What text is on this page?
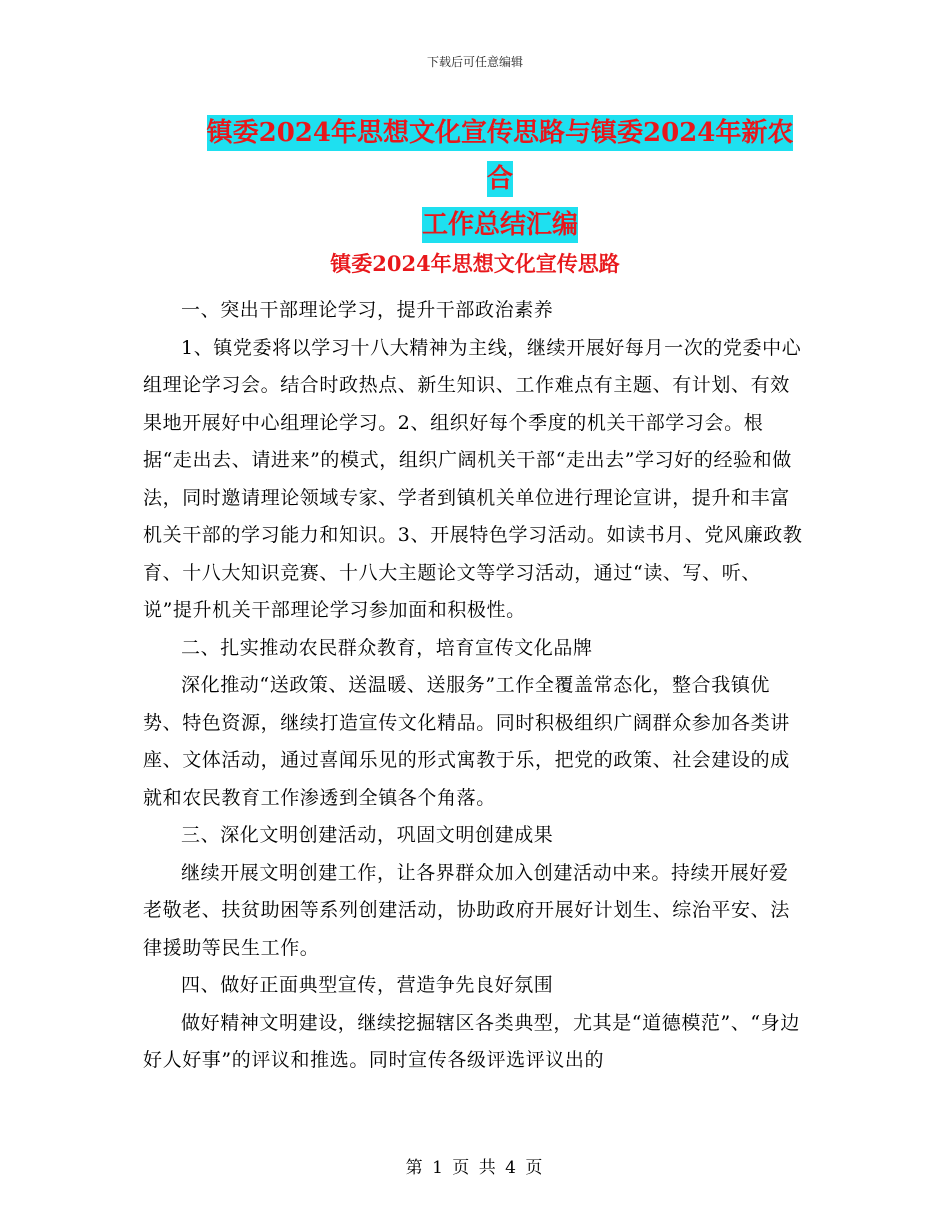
下载后可任意编辑
镇委2024年思想文化宣传思路与镇委2024年新农合
工作总结汇编
镇委2024年思想文化宣传思路

一、突出干部理论学习，提升干部政治素养

1、镇党委将以学习十八大精神为主线，继续开展好每月一次的党委中心组理论学习会。结合时政热点、新生知识、工作难点有主题、有计划、有效果地开展好中心组理论学习。2、组织好每个季度的机关干部学习会。根据“走出去、请进来”的模式，组织广阔机关干部“走出去”学习好的经验和做法，同时邀请理论领域专家、学者到镇机关单位进行理论宣讲，提升和丰富机关干部的学习能力和知识。3、开展特色学习活动。如读书月、党风廉政教育、十八大知识竞赛、十八大主题论文等学习活动，通过“读、写、听、说”提升机关干部理论学习参加面和积极性。

二、扎实推动农民群众教育，培育宣传文化品牌

深化推动“送政策、送温暖、送服务”工作全覆盖常态化，整合我镇优势、特色资源，继续打造宣传文化精品。同时积极组织广阔群众参加各类讲座、文体活动，通过喜闻乐见的形式寓教于乐，把党的政策、社会建设的成就和农民教育工作渗透到全镇各个角落。

三、深化文明创建活动，巩固文明创建成果

继续开展文明创建工作，让各界群众加入创建活动中来。持续开展好爱老敬老、扶贫助困等系列创建活动，协助政府开展好计划生、综治平安、法律援助等民生工作。

四、做好正面典型宣传，营造争先良好氛围

做好精神文明建设，继续挖掘辖区各类典型，尤其是“道德模范”、“身边好人好事”的评议和推选。同时宣传各级评选评议出的

第 1 页 共 4 页
